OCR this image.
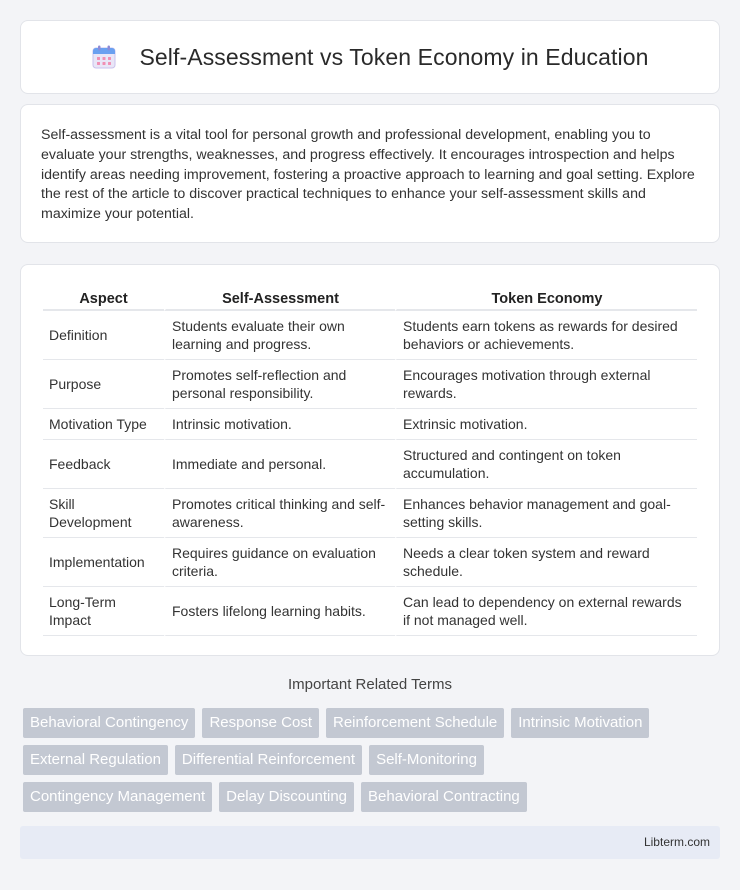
Self-Assessment vs Token Economy in Education

Self-assessment is a vital tool for personal growth and professional development, enabling you to evaluate your strengths, weaknesses, and progress effectively. It encourages introspection and helps identify areas needing improvement, fostering a proactive approach to learning and goal setting. Explore the rest of the article to discover practical techniques to enhance your self-assessment skills and maximize your potential.

Aspect	Self-Assessment	Token Economy
Definition	Students evaluate their own learning and progress.	Students earn tokens as rewards for desired behaviors or achievements.
Purpose	Promotes self-reflection and personal responsibility.	Encourages motivation through external rewards.
Motivation Type	Intrinsic motivation.	Extrinsic motivation.
Feedback	Immediate and personal.	Structured and contingent on token accumulation.
Skill Development	Promotes critical thinking and self-awareness.	Enhances behavior management and goal-setting skills.
Implementation	Requires guidance on evaluation criteria.	Needs a clear token system and reward schedule.
Long-Term Impact	Fosters lifelong learning habits.	Can lead to dependency on external rewards if not managed well.
Important Related Terms
Behavioral Contingency	Response Cost	Reinforcement Schedule	Intrinsic Motivation
External Regulation	Differential Reinforcement	Self-Monitoring
Contingency Management	Delay Discounting	Behavioral Contracting
Libterm.com
